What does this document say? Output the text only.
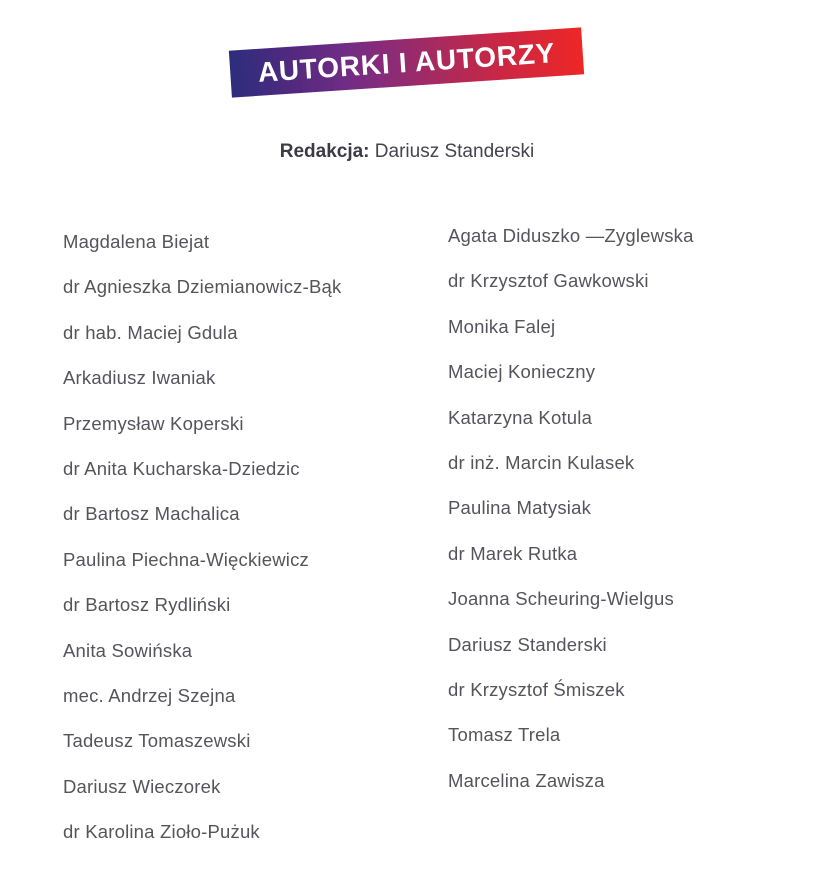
AUTORKI I AUTORZY
Redakcja: Dariusz Standerski
Magdalena Biejat
dr Agnieszka Dziemianowicz-Bąk
dr hab. Maciej Gdula
Arkadiusz Iwaniak
Przemysław Koperski
dr Anita Kucharska-Dziedzic
dr Bartosz Machalica
Paulina Piechna-Więckiewicz
dr Bartosz Rydliński
Anita Sowińska
mec. Andrzej Szejna
Tadeusz Tomaszewski
Dariusz Wieczorek
dr Karolina Zioło-Pużuk
Agata Diduszko —Zyglewska
dr Krzysztof Gawkowski
Monika Falej
Maciej Konieczny
Katarzyna Kotula
dr inż. Marcin Kulasek
Paulina Matysiak
dr Marek Rutka
Joanna Scheuring-Wielgus
Dariusz Standerski
dr Krzysztof Śmiszek
Tomasz Trela
Marcelina Zawisza
